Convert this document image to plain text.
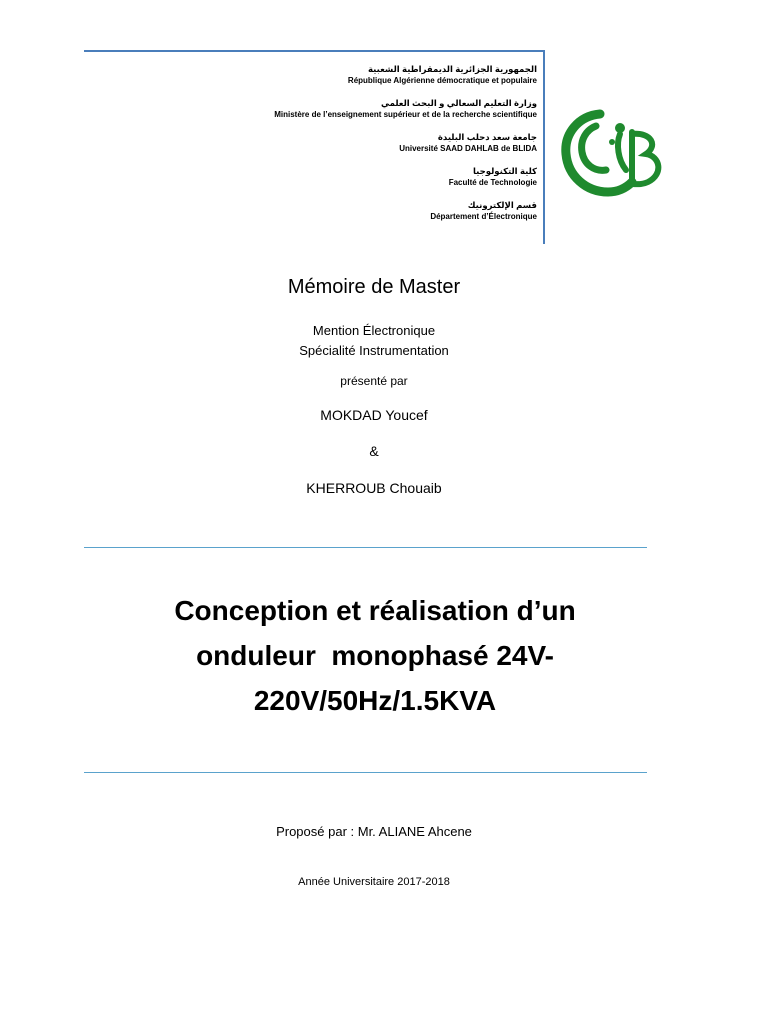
الجمهورية الجزائرية الديمقراطية الشعبية
République Algérienne démocratique et populaire
وزارة التعليم السعالي و البحث العلمي
Ministère de l’enseignement supérieur et de la recherche scientifique
جامعة سعد دحلب البليدة
Université SAAD DAHLAB de BLIDA
كلية التكنولوجيا
Faculté de Technologie
قسم الإلكترونيك
Département d’Électronique
Mémoire de Master
Mention Électronique
Spécialité Instrumentation
présenté par
MOKDAD Youcef
&
KHERROUB Chouaib
Conception et réalisation d’un
onduleur  monophasé 24V-
220V/50Hz/1.5KVA
Proposé par : Mr. ALIANE Ahcene
Année Universitaire 2017-2018
